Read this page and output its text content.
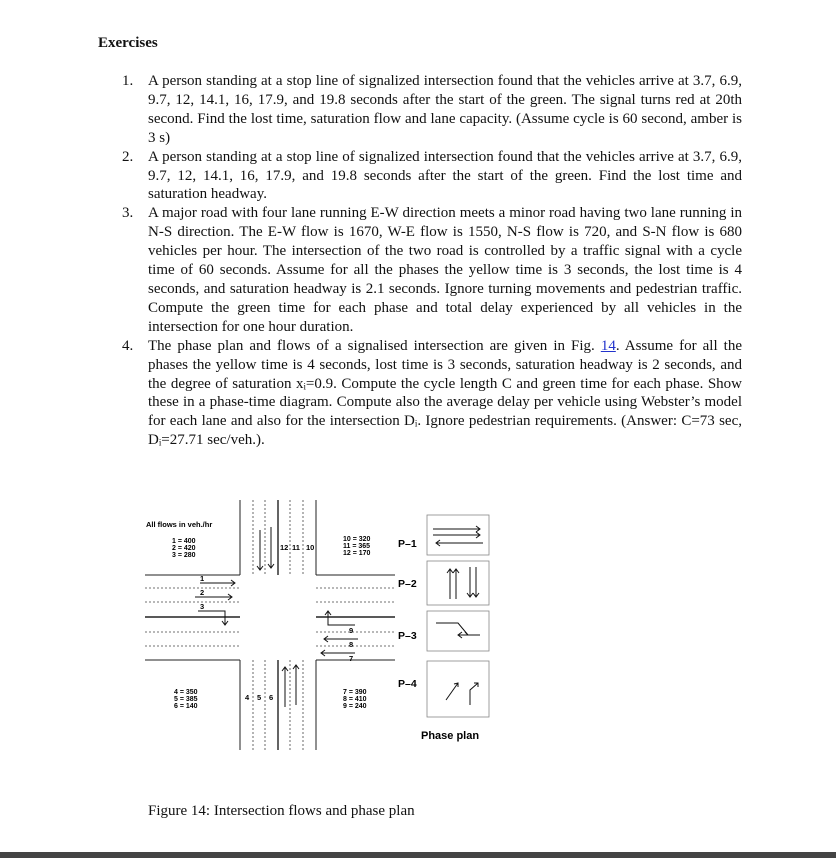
Exercises
1. A person standing at a stop line of signalized intersection found that the vehicles arrive at 3.7, 6.9, 9.7, 12, 14.1, 16, 17.9, and 19.8 seconds after the start of the green. The signal turns red at 20th second. Find the lost time, saturation flow and lane capacity. (Assume cycle is 60 second, amber is 3 s)
2. A person standing at a stop line of signalized intersection found that the vehicles arrive at 3.7, 6.9, 9.7, 12, 14.1, 16, 17.9, and 19.8 seconds after the start of the green. Find the lost time and saturation headway.
3. A major road with four lane running E-W direction meets a minor road having two lane running in N-S direction. The E-W flow is 1670, W-E flow is 1550, N-S flow is 720, and S-N flow is 680 vehicles per hour. The intersection of the two road is controlled by a traffic signal with a cycle time of 60 seconds. Assume for all the phases the yellow time is 3 seconds, the lost time is 4 seconds, and saturation headway is 2.1 seconds. Ignore turning movements and pedestrian traffic. Compute the green time for each phase and total delay experienced by all vehicles in the intersection for one hour duration.
4. The phase plan and flows of a signalised intersection are given in Fig. 14. Assume for all the phases the yellow time is 4 seconds, lost time is 3 seconds, saturation headway is 2 seconds, and the degree of saturation xᵢ=0.9. Compute the cycle length C and green time for each phase. Show these in a phase-time diagram. Compute also the average delay per vehicle using Webster’s model for each lane and also for the intersection Dᵢ. Ignore pedestrian requirements. (Answer: C=73 sec, Dᵢ=27.71 sec/veh.).
All flows in veh./hr
1 = 400
2 = 420
3 = 280
10 = 320
11 = 365
12 = 170
4 = 350
5 = 385
6 = 140
7 = 390
8 = 410
9 = 240
1
2
3
4 5 6
7
8
9
10
11
12	P–1
P–2
P–3
P–4
Phase plan
Figure 14: Intersection flows and phase plan
